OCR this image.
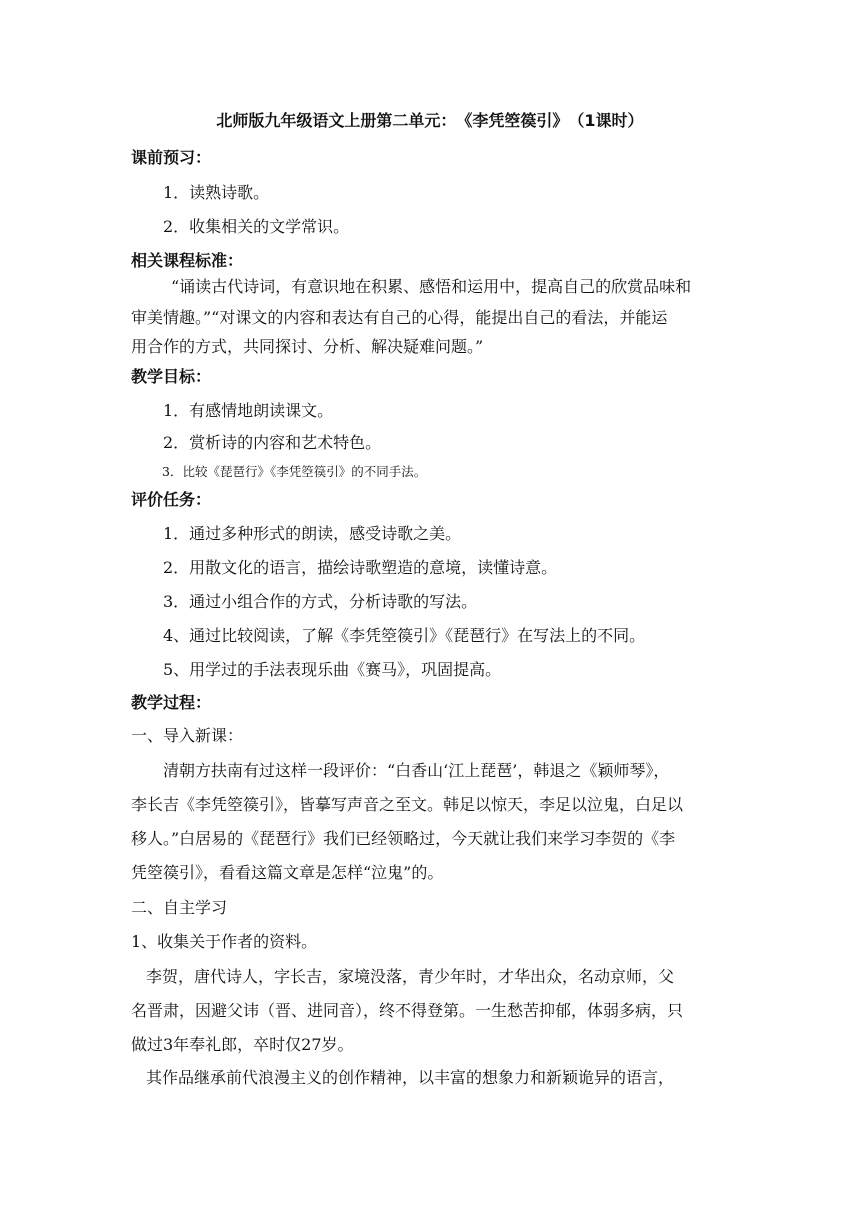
北师版九年级语文上册第二单元：　《李凭箜篌引》　（1课时）
课前预习：
1．读熟诗歌。
2．收集相关的文学常识。
相关课程标准：
“诵读古代诗词，有意识地在积累、感悟和运用中，提高自己的欣赏品味和
审美情趣。”“对课文的内容和表达有自己的心得，能提出自己的看法，并能运
用合作的方式，共同探讨、分析、解决疑难问题。”
教学目标：
1．有感情地朗读课文。
2．赏析诗的内容和艺术特色。
3．比较《琵琶行》《李凭箜篌引》的不同手法。
评价任务：
1．通过多种形式的朗读，感受诗歌之美。
2．用散文化的语言，描绘诗歌塑造的意境，读懂诗意。
3．通过小组合作的方式，分析诗歌的写法。
4、通过比较阅读，了解《李凭箜篌引》《琵琶行》在写法上的不同。
5、用学过的手法表现乐曲《赛马》，巩固提高。
教学过程：
一、导入新课：
清朝方扶南有过这样一段评价：“白香山‘江上琵琶’，韩退之《颖师琴》，
李长吉《李凭箜篌引》，皆摹写声音之至文。韩足以惊天，李足以泣鬼，白足以
移人。”白居易的《琵琶行》我们已经领略过，今天就让我们来学习李贺的《李
凭箜篌引》，看看这篇文章是怎样“泣鬼”的。
二、自主学习
1、收集关于作者的资料。
李贺，唐代诗人，字长吉，家境没落，青少年时，才华出众，名动京师，父
名晋肃，因避父讳（晋、进同音），终不得登第。一生愁苦抑郁，体弱多病，只
做过3年奉礼郎，卒时仅27岁。
其作品继承前代浪漫主义的创作精神，以丰富的想象力和新颖诡异的语言，
